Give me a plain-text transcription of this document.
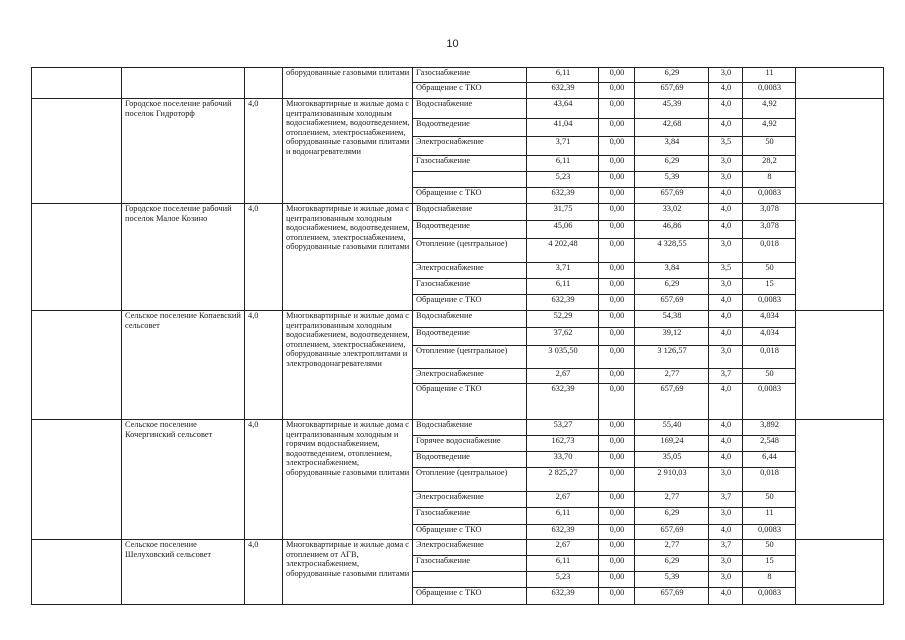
10
			оборудованные газовыми плитами	Газоснабжение	6,11	0,00	6,29	3,0	11	
				Обращение с ТКО	632,39	0,00	657,69	4,0	0,0083	
	Городское поселение рабочий поселок Гидроторф	4,0	Многоквартирные и жилые дома с централизованным холодным водоснабжением, водоотведением, отоплением, электроснабжением, оборудованные газовыми плитами и водонагревателями	Водоснабжение	43,64	0,00	45,39	4,0	4,92	
				Водоотведение	41,04	0,00	42,68	4,0	4,92	
				Электроснабжение	3,71	0,00	3,84	3,5	50	
				Газоснабжение	6,11	0,00	6,29	3,0	28,2	
					5,23	0,00	5,39	3,0	8	
				Обращение с ТКО	632,39	0,00	657,69	4,0	0,0083	
	Городское поселение рабочий поселок Малое Козино	4,0	Многоквартирные и жилые дома с централизованным холодным водоснабжением, водоотведением, отоплением, электроснабжением, оборудованные газовыми плитами	Водоснабжение	31,75	0,00	33,02	4,0	3,078	
				Водоотведение	45,06	0,00	46,86	4,0	3,078	
				Отопление (центральное)	4 202,48	0,00	4 328,55	3,0	0,018	
				Электроснабжение	3,71	0,00	3,84	3,5	50	
				Газоснабжение	6,11	0,00	6,29	3,0	15	
				Обращение с ТКО	632,39	0,00	657,69	4,0	0,0083	
	Сельское поселение Копаевский сельсовет	4,0	Многоквартирные и жилые дома с централизованным холодным водоснабжением, водоотведением, отоплением, электроснабжением, оборудованные электроплитами и электроводонагревателями	Водоснабжение	52,29	0,00	54,38	4,0	4,034	
				Водоотведение	37,62	0,00	39,12	4,0	4,034	
				Отопление (центральное)	3 035,50	0,00	3 126,57	3,0	0,018	
				Электроснабжение	2,67	0,00	2,77	3,7	50	
				Обращение с ТКО	632,39	0,00	657,69	4,0	0,0083	
	Сельское поселение Кочергинский сельсовет	4,0	Многоквартирные и жилые дома с централизованным холодным и горячим водоснабжением, водоотведением, отоплением, электроснабжением, оборудованные газовыми плитами	Водоснабжение	53,27	0,00	55,40	4,0	3,892	
				Горячее водоснабжение	162,73	0,00	169,24	4,0	2,548	
				Водоотведение	33,70	0,00	35,05	4,0	6,44	
				Отопление (центральное)	2 825,27	0,00	2 910,03	3,0	0,018	
				Электроснабжение	2,67	0,00	2,77	3,7	50	
				Газоснабжение	6,11	0,00	6,29	3,0	11	
				Обращение с ТКО	632,39	0,00	657,69	4,0	0,0083	
	Сельское поселение Шелуховский сельсовет	4,0	Многоквартирные и жилые дома с отоплением от АГВ, электроснабжением, оборудованные газовыми плитами	Электроснабжение	2,67	0,00	2,77	3,7	50	
				Газоснабжение	6,11	0,00	6,29	3,0	15	
					5,23	0,00	5,39	3,0	8	
				Обращение с ТКО	632,39	0,00	657,69	4,0	0,0083	
